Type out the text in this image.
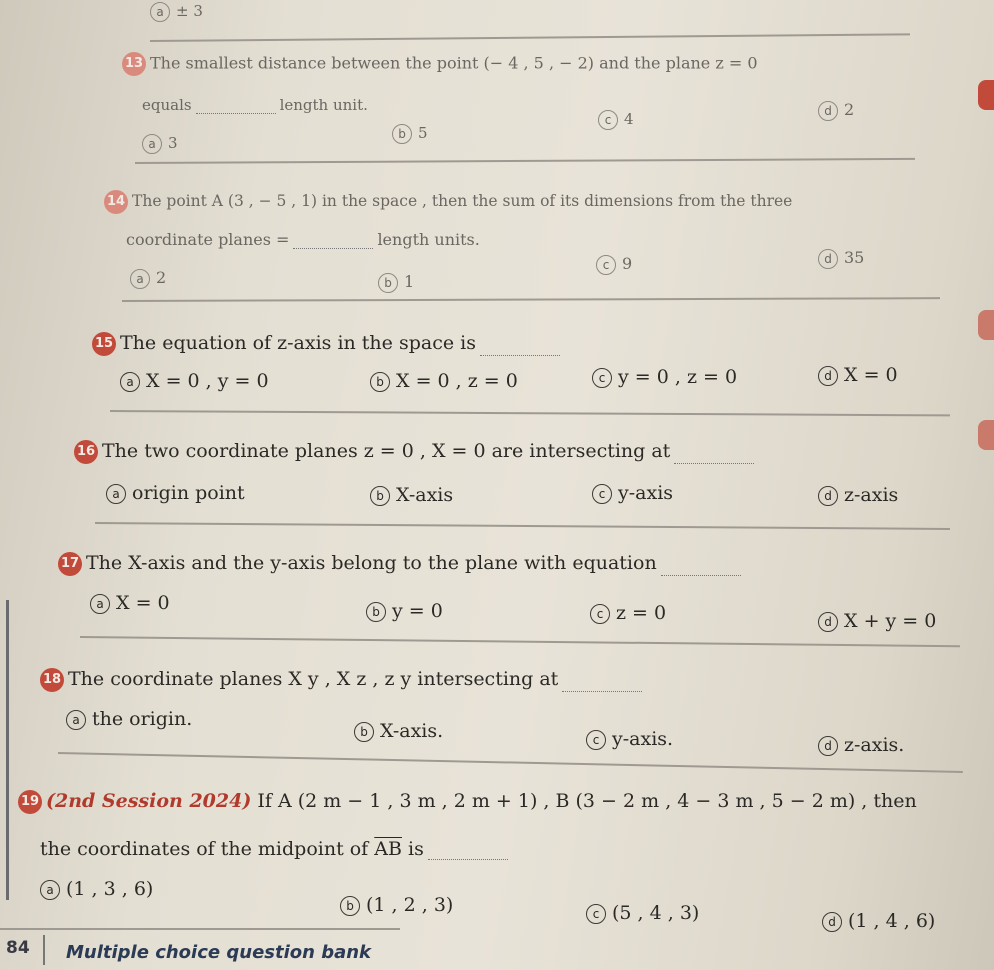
a ± 3
13 The smallest distance between the point (− 4 , 5 , − 2) and the plane z = 0
equals	length unit.
a 3	b 5
c 4	d 2
14 The point A (3 , − 5 , 1) in the space , then the sum of its dimensions from the three
coordinate planes =	length units.
a 2	b 1
c 9	d 35
15 The equation of z-axis in the space is
a X = 0 , y = 0	b X = 0 , z = 0	c y = 0 , z = 0	d X = 0
16 The two coordinate planes z = 0 , X = 0 are intersecting at
a origin point	b X-axis	c y-axis	d z-axis
17 The X-axis and the y-axis belong to the plane with equation
a X = 0	b y = 0	c z = 0	d X + y = 0
18 The coordinate planes X y , X z , z y intersecting at
a the origin.
b X-axis.	c y-axis.	d z-axis.
19 (2nd Session 2024) If A (2 m − 1 , 3 m , 2 m + 1) , B (3 − 2 m , 4 − 3 m , 5 − 2 m) , then
the coordinates of the midpoint of $\overline{AB}$ is
a (1 , 3 , 6)
b (1 , 2 , 3)	c (5 , 4 , 3)	d (1 , 4 , 6)
84 Multiple choice question bank
